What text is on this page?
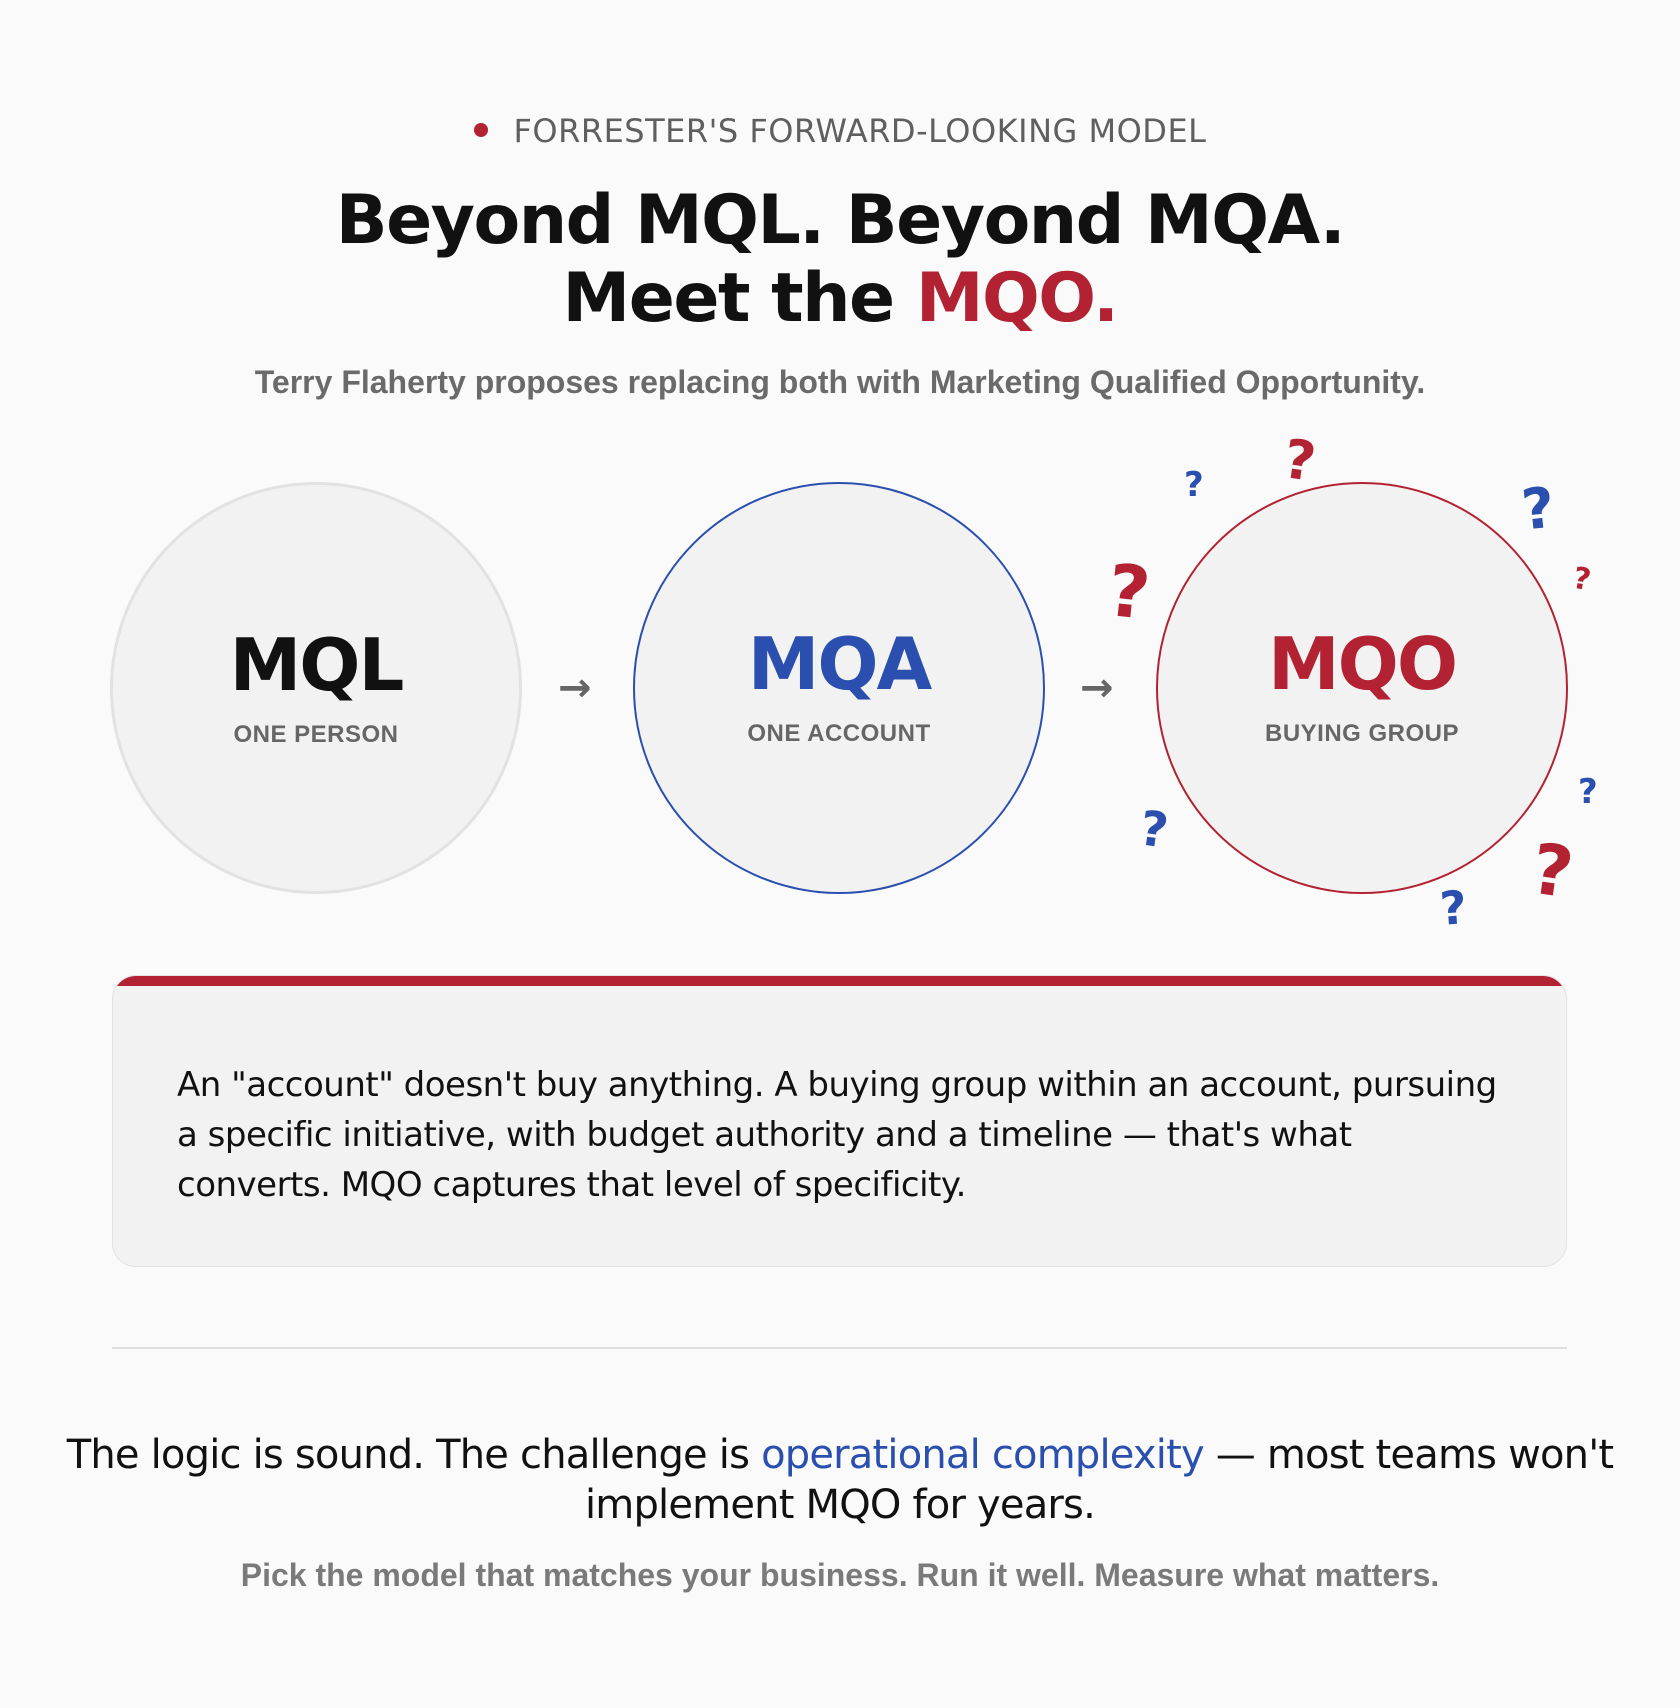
FORRESTER'S FORWARD-LOOKING MODEL
Beyond MQL. Beyond MQA.
Meet the MQO.
Terry Flaherty proposes replacing both with Marketing Qualified Opportunity.
MQL
ONE PERSON
→	MQA
ONE ACCOUNT
→	MQO
BUYING GROUP
?
?	?
?
?
?
?	?
?
An "account" doesn't buy anything. A buying group within an account, pursuing a specific initiative, with budget authority and a timeline — that's what converts. MQO captures that level of specificity.
The logic is sound. The challenge is operational complexity — most teams won't implement MQO for years.
Pick the model that matches your business. Run it well. Measure what matters.
